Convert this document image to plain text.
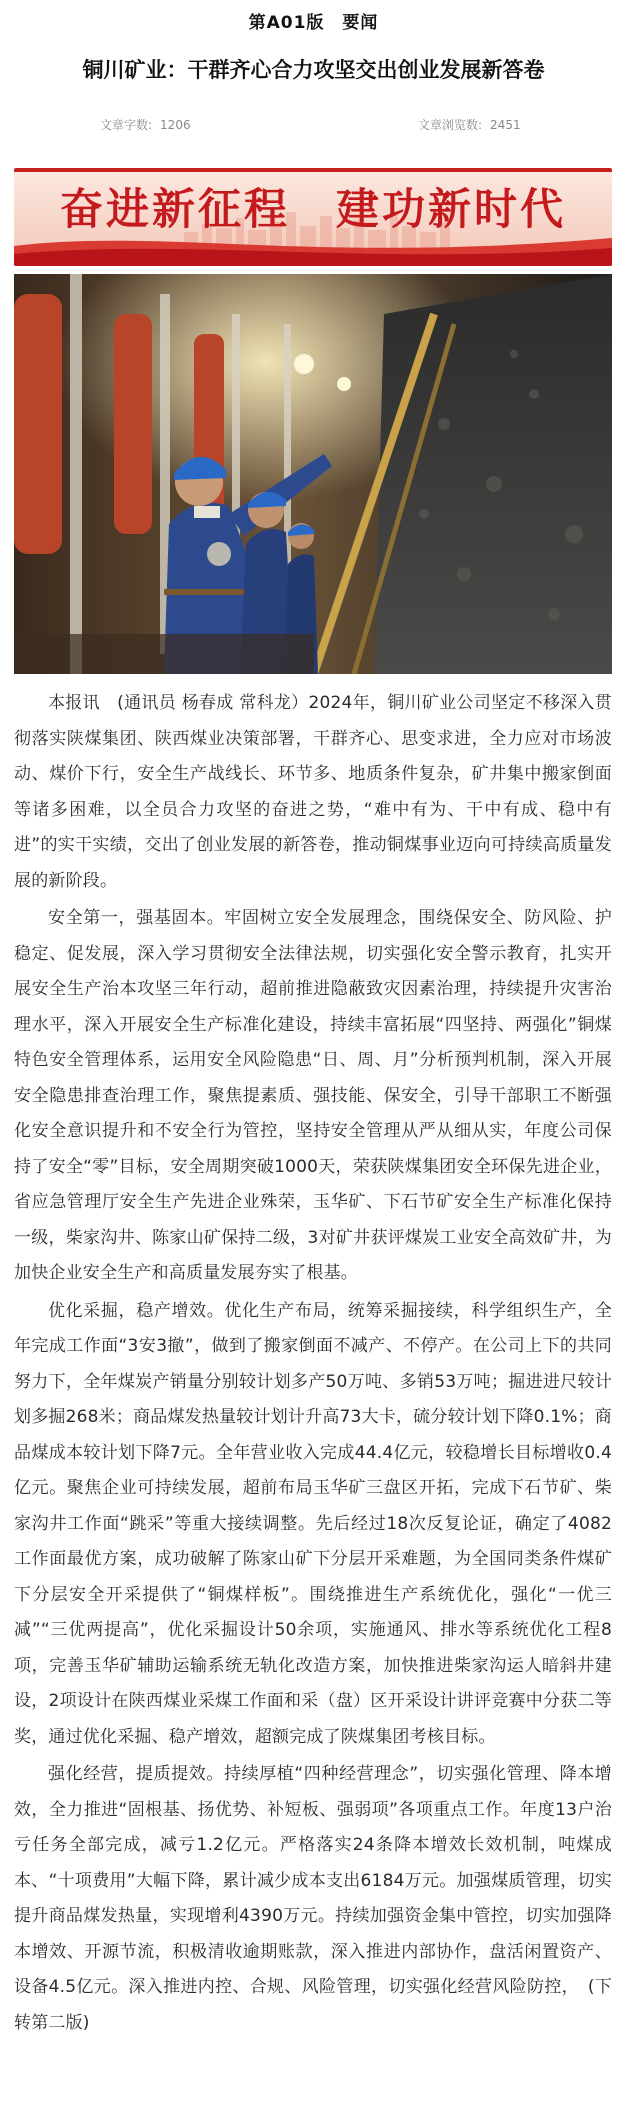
第A01版　要闻
铜川矿业：干群齐心合力攻坚交出创业发展新答卷
文章字数: 1206	文章浏览数: 2451
奋进新征程 建功新时代

本报讯　(通讯员 杨春成 常科龙）2024年，铜川矿业公司坚定不移深入贯彻落实陕煤集团、陕西煤业决策部署，干群齐心、思变求进，全力应对市场波动、煤价下行，安全生产战线长、环节多、地质条件复杂，矿井集中搬家倒面等诸多困难，以全员合力攻坚的奋进之势，“难中有为、干中有成、稳中有进”的实干实绩，交出了创业发展的新答卷，推动铜煤事业迈向可持续高质量发展的新阶段。

安全第一，强基固本。牢固树立安全发展理念，围绕保安全、防风险、护稳定、促发展，深入学习贯彻安全法律法规，切实强化安全警示教育，扎实开展安全生产治本攻坚三年行动，超前推进隐蔽致灾因素治理，持续提升灾害治理水平，深入开展安全生产标准化建设，持续丰富拓展“四坚持、两强化”铜煤特色安全管理体系，运用安全风险隐患“日、周、月”分析预判机制，深入开展安全隐患排查治理工作，聚焦提素质、强技能、保安全，引导干部职工不断强化安全意识提升和不安全行为管控，坚持安全管理从严从细从实，年度公司保持了安全“零”目标，安全周期突破1000天，荣获陕煤集团安全环保先进企业，省应急管理厅安全生产先进企业殊荣，玉华矿、下石节矿安全生产标准化保持一级，柴家沟井、陈家山矿保持二级，3对矿井获评煤炭工业安全高效矿井，为加快企业安全生产和高质量发展夯实了根基。

优化采掘，稳产增效。优化生产布局，统筹采掘接续，科学组织生产，全年完成工作面“3安3撤”，做到了搬家倒面不减产、不停产。在公司上下的共同努力下，全年煤炭产销量分别较计划多产50万吨、多销53万吨；掘进进尺较计划多掘268米；商品煤发热量较计划计升高73大卡，硫分较计划下降0.1%；商品煤成本较计划下降7元。全年营业收入完成44.4亿元，较稳增长目标增收0.4亿元。聚焦企业可持续发展，超前布局玉华矿三盘区开拓，完成下石节矿、柴家沟井工作面“跳采”等重大接续调整。先后经过18次反复论证，确定了4082工作面最优方案，成功破解了陈家山矿下分层开采难题，为全国同类条件煤矿下分层安全开采提供了“铜煤样板”。围绕推进生产系统优化，强化“一优三减”“三优两提高”，优化采掘设计50余项，实施通风、排水等系统优化工程8项，完善玉华矿辅助运输系统无轨化改造方案，加快推进柴家沟运人暗斜井建设，2项设计在陕西煤业采煤工作面和采（盘）区开采设计讲评竞赛中分获二等奖，通过优化采掘、稳产增效，超额完成了陕煤集团考核目标。

强化经营，提质提效。持续厚植“四种经营理念”，切实强化管理、降本增效，全力推进“固根基、扬优势、补短板、强弱项”各项重点工作。年度13户治亏任务全部完成，减亏1.2亿元。严格落实24条降本增效长效机制，吨煤成本、“十项费用”大幅下降，累计减少成本支出6184万元。加强煤质管理，切实提升商品煤发热量，实现增利4390万元。持续加强资金集中管控，切实加强降本增效、开源节流，积极清收逾期账款，深入推进内部协作，盘活闲置资产、设备4.5亿元。深入推进内控、合规、风险管理，切实强化经营风险防控，　(下转第二版)
